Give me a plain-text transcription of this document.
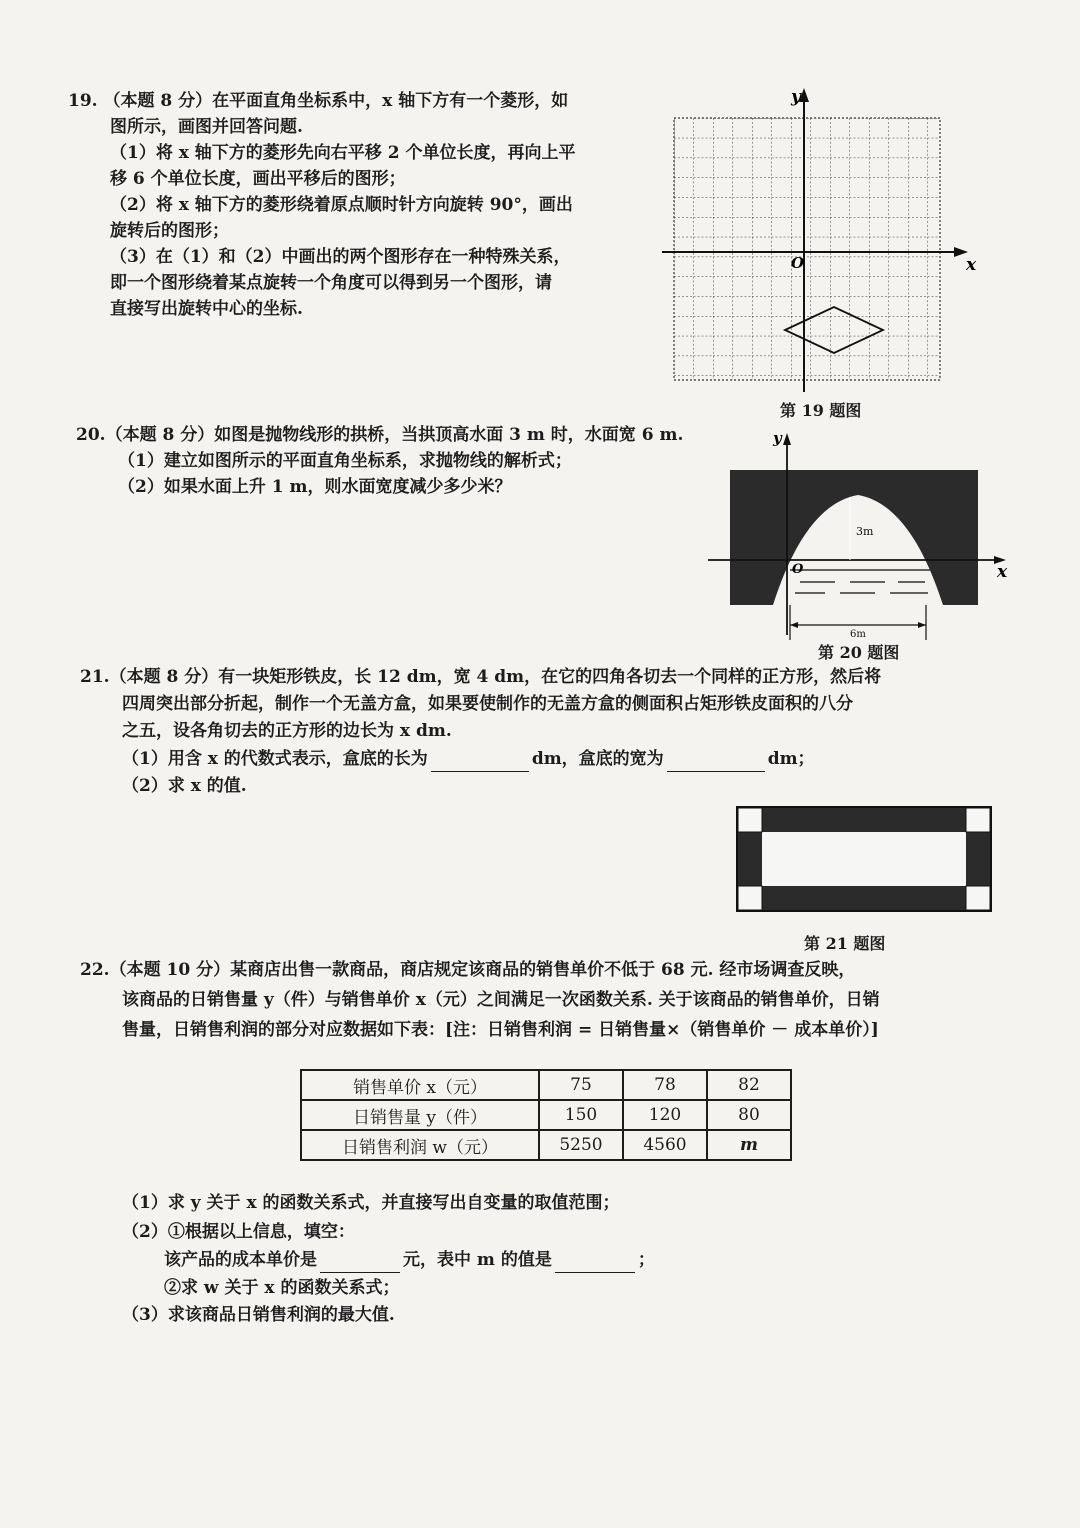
19. （本题 8 分）在平面直角坐标系中，x 轴下方有一个菱形，如
图所示，画图并回答问题.
（1）将 x 轴下方的菱形先向右平移 2 个单位长度，再向上平
移 6 个单位长度，画出平移后的图形；
（2）将 x 轴下方的菱形绕着原点顺时针方向旋转 90°，画出
旋转后的图形；
（3）在（1）和（2）中画出的两个图形存在一种特殊关系，
即一个图形绕着某点旋转一个角度可以得到另一个图形，请
直接写出旋转中心的坐标.
y
x
O
第 19 题图
20.（本题 8 分）如图是抛物线形的拱桥，当拱顶高水面 3 m 时，水面宽 6 m.
（1）建立如图所示的平面直角坐标系，求抛物线的解析式；
（2）如果水面上升 1 m，则水面宽度减少多少米？
y
x
O
3m
6m
第 20 题图
21.（本题 8 分）有一块矩形铁皮，长 12 dm，宽 4 dm，在它的四角各切去一个同样的正方形，然后将
四周突出部分折起，制作一个无盖方盒，如果要使制作的无盖方盒的侧面积占矩形铁皮面积的八分
之五，设各角切去的正方形的边长为 x dm.
（1）用含 x 的代数式表示，盒底的长为	dm，盒底的宽为	dm；
（2）求 x 的值.
第 21 题图
22.（本题 10 分）某商店出售一款商品，商店规定该商品的销售单价不低于 68 元. 经市场调查反映，
该商品的日销售量 y（件）与销售单价 x（元）之间满足一次函数关系. 关于该商品的销售单价，日销
售量，日销售利润的部分对应数据如下表：[注：日销售利润 = 日销售量×（销售单价 － 成本单价）]
销售单价 x（元）	75	78	82
日销售量 y（件）	150	120	80
日销售利润 w（元）	5250	4560	m
（1）求 y 关于 x 的函数关系式，并直接写出自变量的取值范围；
（2）①根据以上信息，填空：
该产品的成本单价是	元，表中 m 的值是	；
②求 w 关于 x 的函数关系式；
（3）求该商品日销售利润的最大值.
